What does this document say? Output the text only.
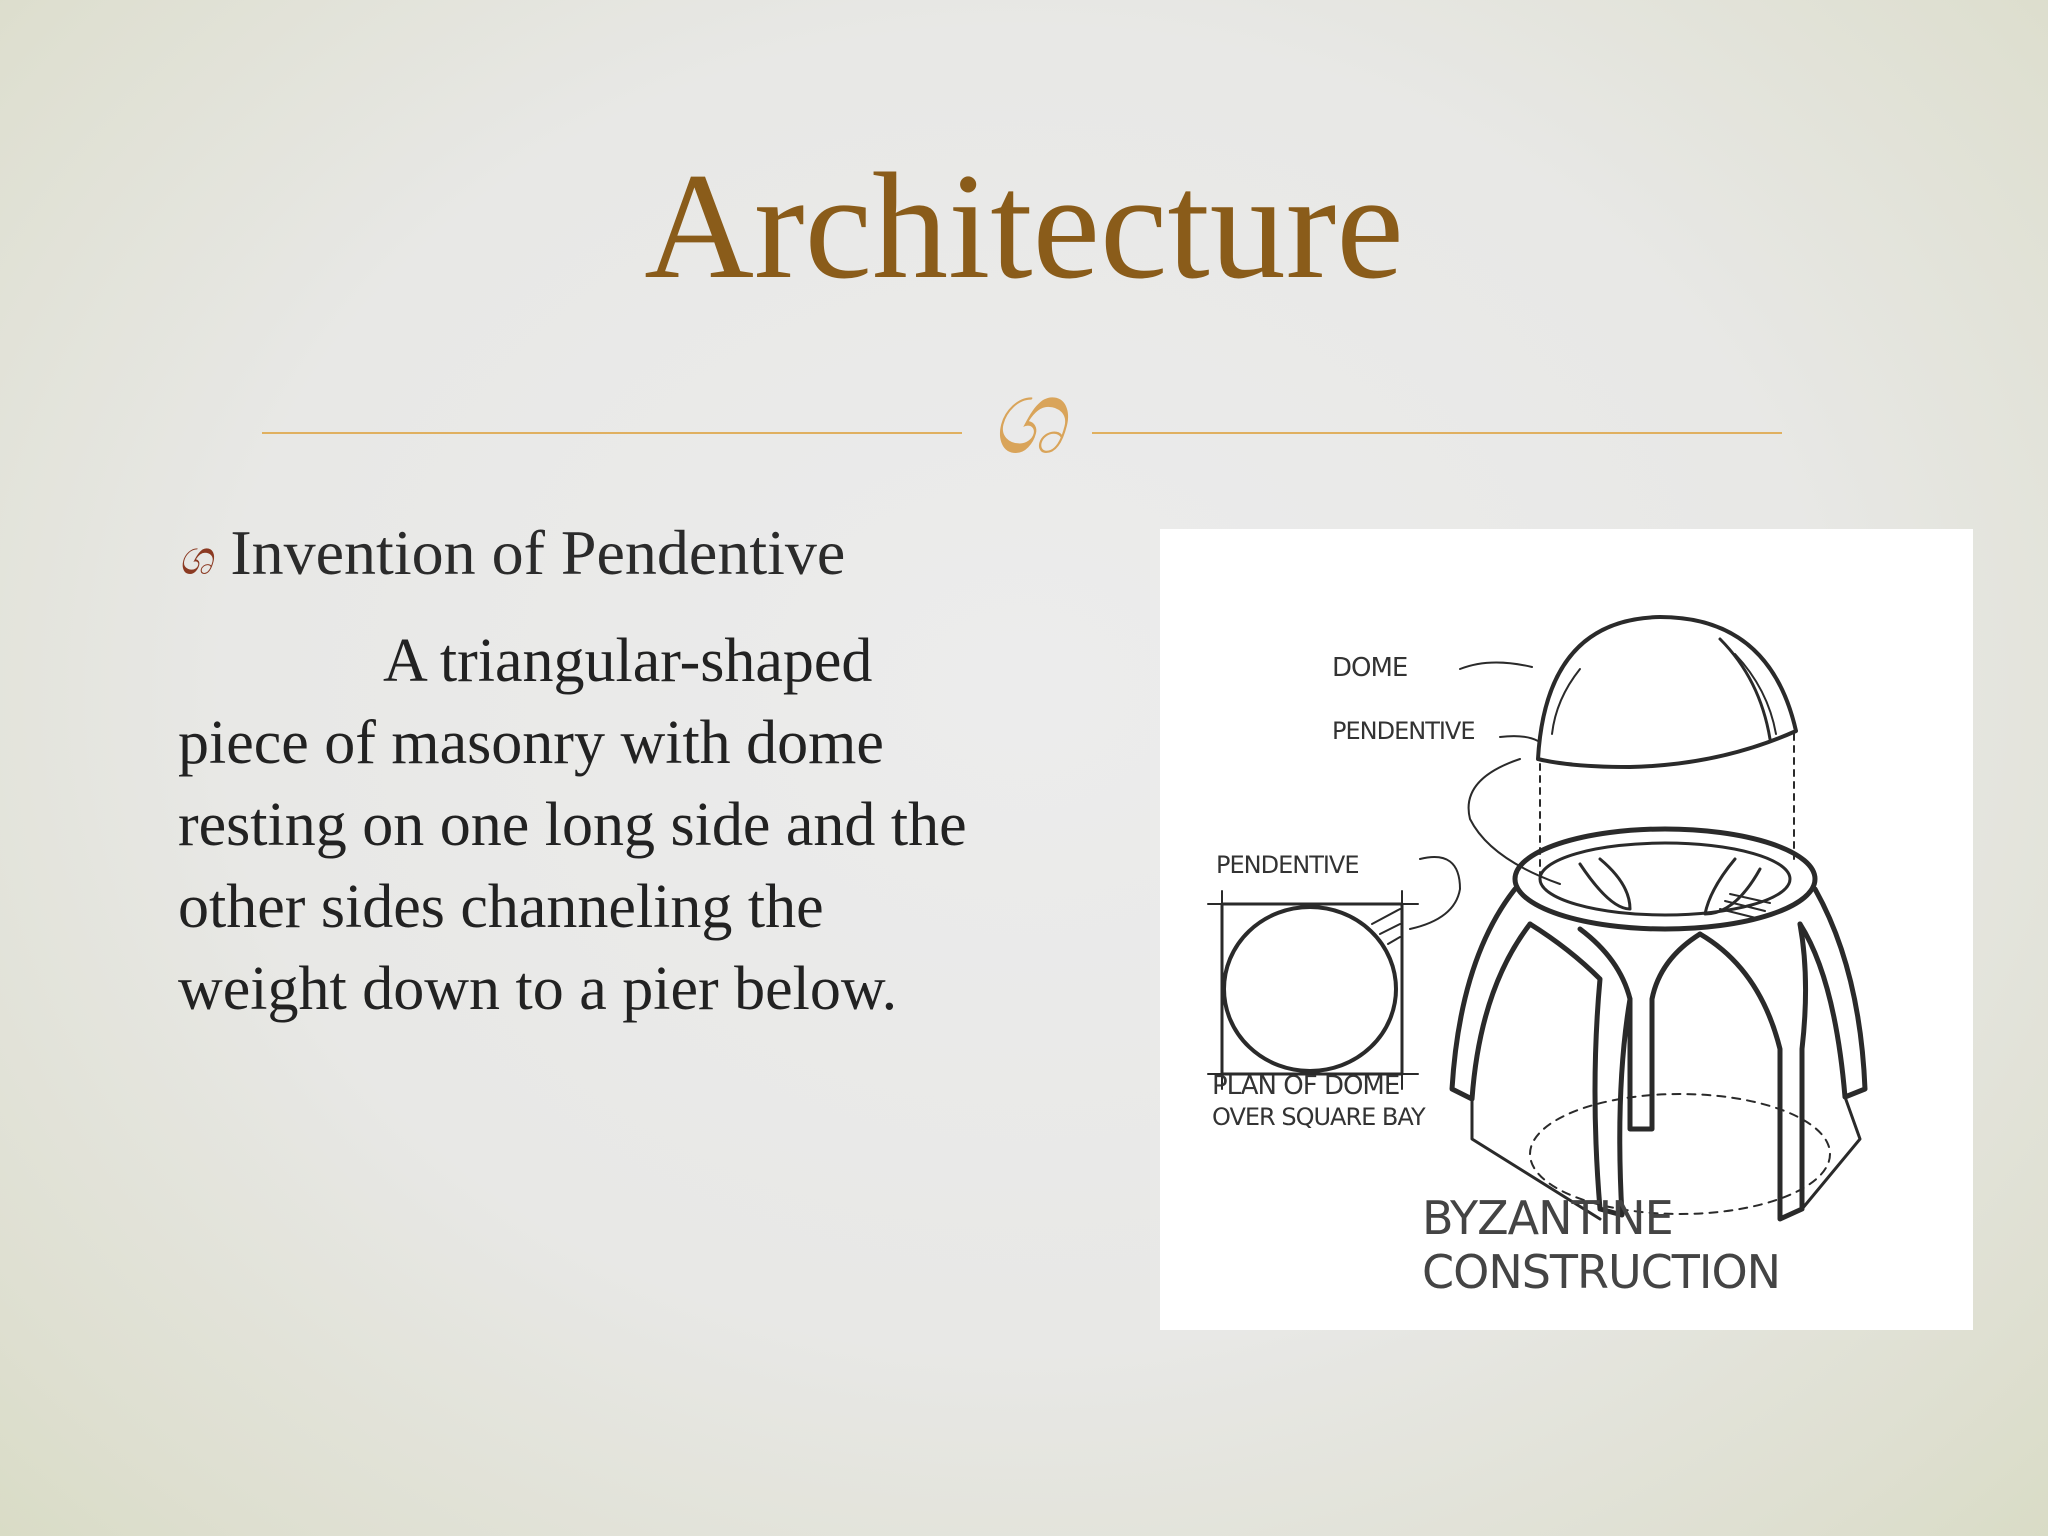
Architecture
ශ
ශ Invention of Pendentive

A triangular-shaped
piece of masonry with dome
resting on one long side and the
other sides channeling the
weight down to a pier below.

DOME
PENDENTIVE
PENDENTIVE
PLAN OF DOME
OVER SQUARE BAY
BYZANTINE
CONSTRUCTION
